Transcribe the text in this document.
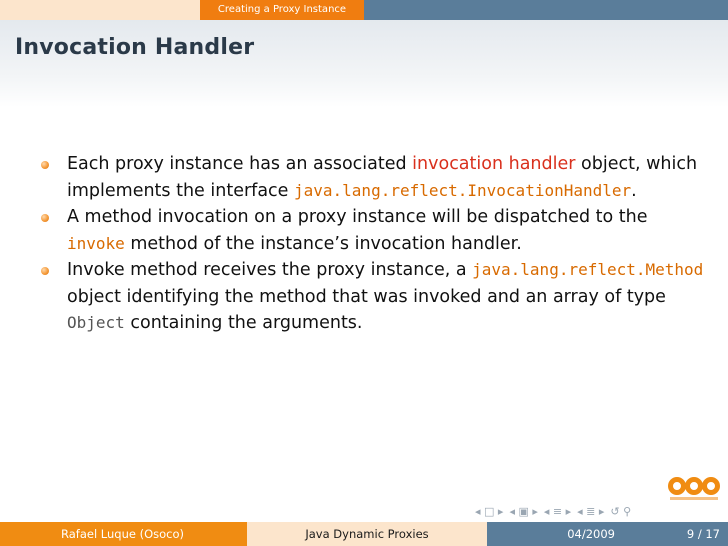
Creating a Proxy Instance
Invocation Handler
Each proxy instance has an associated invocation handler object, which implements the interface java.lang.reflect.InvocationHandler.
A method invocation on a proxy instance will be dispatched to the invoke method of the instance’s invocation handler.
Invoke method receives the proxy instance, a java.lang.reflect.Method object identifying the method that was invoked and an array of type Object containing the arguments.
◂ □ ▸ ◂ ▣ ▸ ◂ ≡ ▸ ◂ ≣ ▸ ↺ ⚲
Rafael Luque (Osoco)	Java Dynamic Proxies	04/2009	9 / 17
